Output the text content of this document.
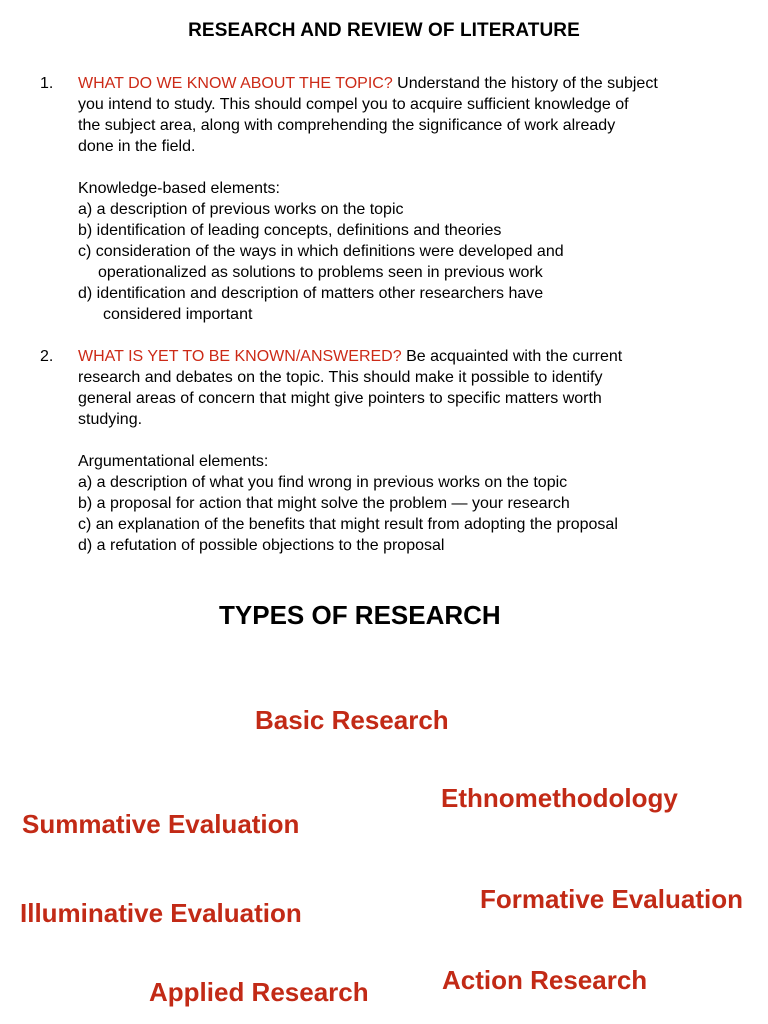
RESEARCH AND REVIEW OF LITERATURE
1. WHAT DO WE KNOW ABOUT THE TOPIC? Understand the history of the subject
you intend to study. This should compel you to acquire sufficient knowledge of
the subject area, along with comprehending the significance of work already
done in the field.

Knowledge-based elements:

a) a description of previous works on the topic

b) identification of leading concepts, definitions and theories

c) consideration of the ways in which definitions were developed and

operationalized as solutions to problems seen in previous work

d) identification and description of matters other researchers have

considered important

2. WHAT IS YET TO BE KNOWN/ANSWERED? Be acquainted with the current
research and debates on the topic. This should make it possible to identify
general areas of concern that might give pointers to specific matters worth
studying.

Argumentational elements:

a) a description of what you find wrong in previous works on the topic

b) a proposal for action that might solve the problem — your research

c) an explanation of the benefits that might result from adopting the proposal

d) a refutation of possible objections to the proposal

TYPES OF RESEARCH
Basic Research
Ethnomethodology
Summative Evaluation
Formative Evaluation
Illuminative Evaluation
Action Research
Applied Research
